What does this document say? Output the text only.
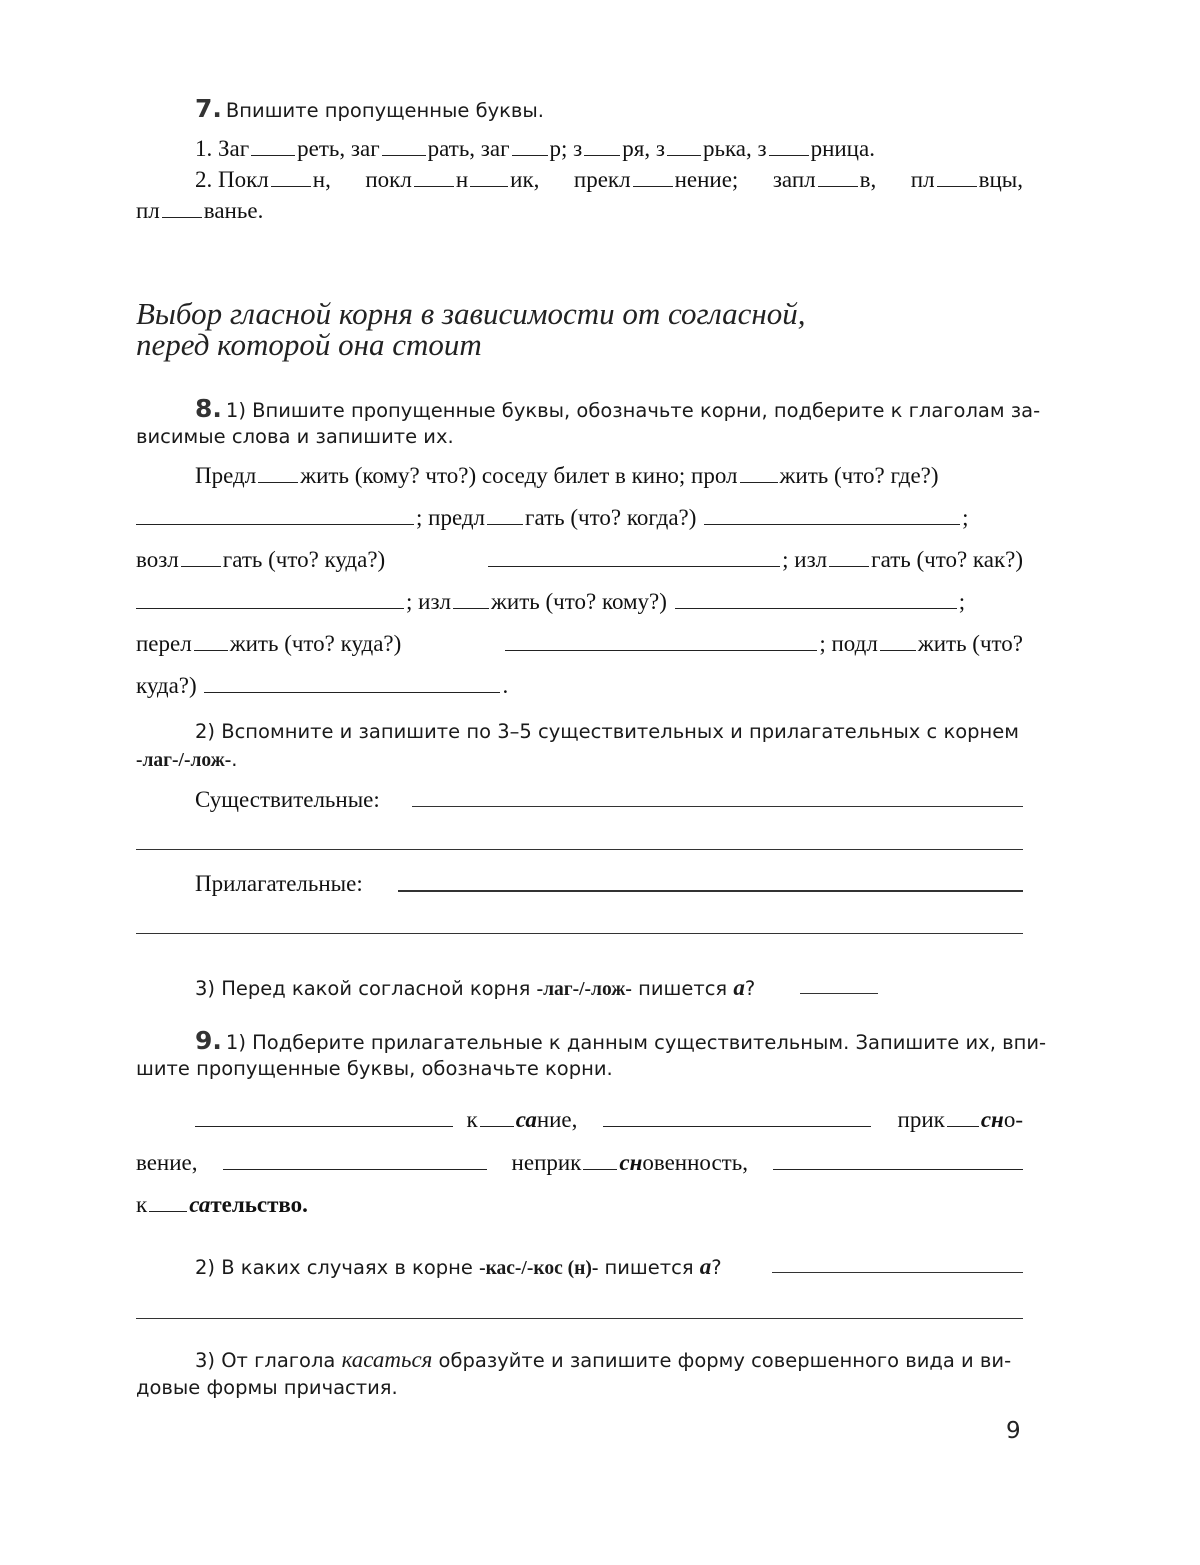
7. Впишите пропущенные буквы.
1. Заг реть, заг рать, заг р; з ря, з рька, з рница.
2. Покл н, покл н ик, прекл нение; запл в, пл вцы,
пл ванье.
Выбор гласной корня в зависимости от согласной,
перед которой она стоит
8. 1) Впишите пропущенные буквы, обозначьте корни, подберите к глаголам за-
висимые слова и запишите их.
Предл жить (кому? что?) соседу билет в кино; прол жить (что? где?)
; предл гать (что? когда?)	;
возл гать (что? куда?)	; изл гать (что? как?)
; изл жить (что? кому?)	;
перел жить (что? куда?)	; подл жить (что?
куда?)	.
2) Вспомните и запишите по 3–5 существительных и прилагательных с корнем
-лаг-/-лож-.
Существительные:
Прилагательные:
3) Перед какой согласной корня -лаг-/-лож- пишется а?
9. 1) Подберите прилагательные к данным существительным. Запишите их, впи-
шите пропущенные буквы, обозначьте корни.
к сание,	прик сно-
вение,	неприк сновенность,
к сательство.
2) В каких случаях в корне -кас-/-кос (н)- пишется а?
3) От глагола касаться образуйте и запишите форму совершенного вида и ви-
довые формы причастия.
9
